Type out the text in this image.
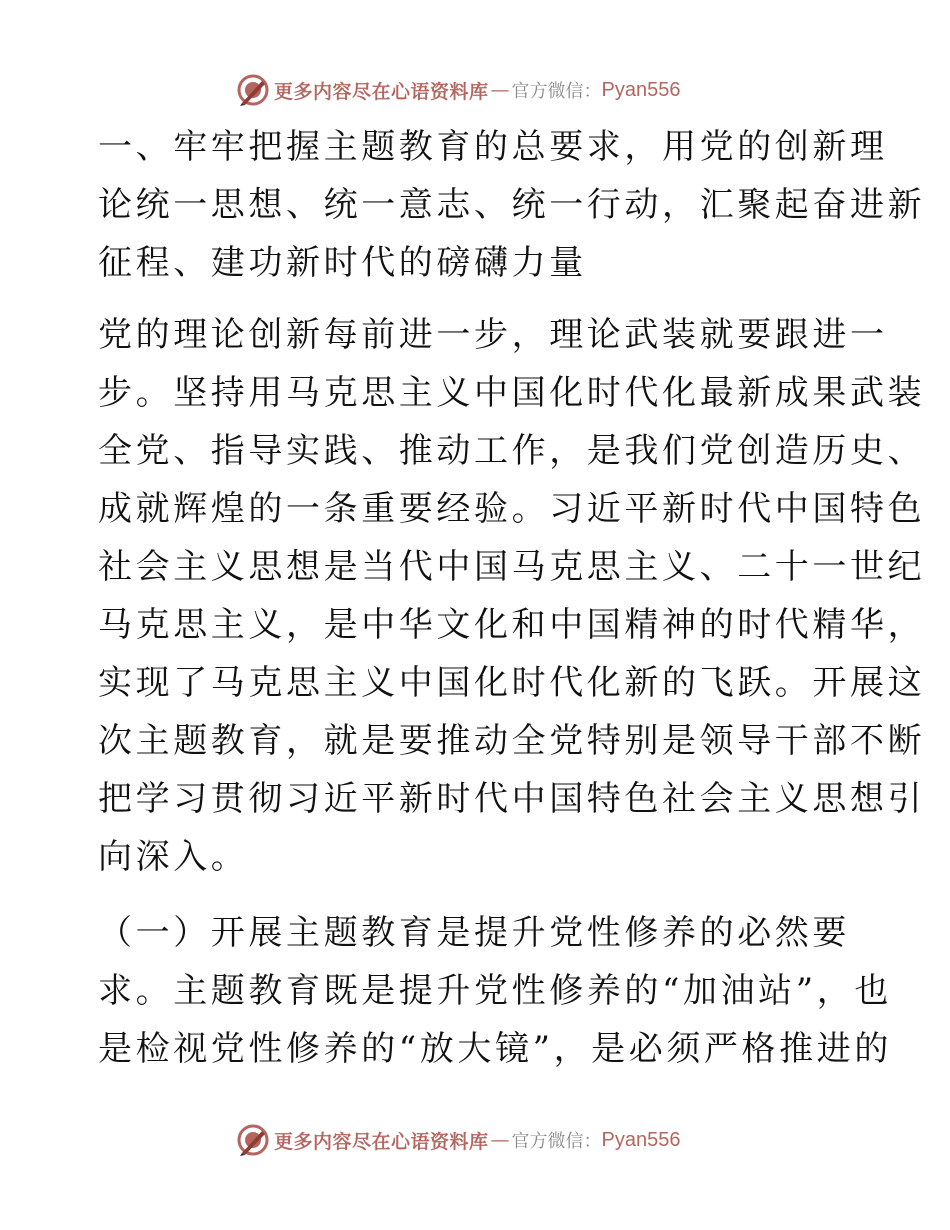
更多内容尽在心语资料库 — 官方微信： Pyan556
一、牢牢把握主题教育的总要求，用党的创新理
论统一思想、统一意志、统一行动，汇聚起奋进新
征程、建功新时代的磅礴力量
党的理论创新每前进一步，理论武装就要跟进一
步。坚持用马克思主义中国化时代化最新成果武装
全党、指导实践、推动工作，是我们党创造历史、
成就辉煌的一条重要经验。习近平新时代中国特色
社会主义思想是当代中国马克思主义、二十一世纪
马克思主义，是中华文化和中国精神的时代精华，
实现了马克思主义中国化时代化新的飞跃。开展这
次主题教育，就是要推动全党特别是领导干部不断
把学习贯彻习近平新时代中国特色社会主义思想引
向深入。
（一）开展主题教育是提升党性修养的必然要
求。主题教育既是提升党性修养的“加油站”，也
是检视党性修养的“放大镜”，是必须严格推进的
更多内容尽在心语资料库 — 官方微信： Pyan556
